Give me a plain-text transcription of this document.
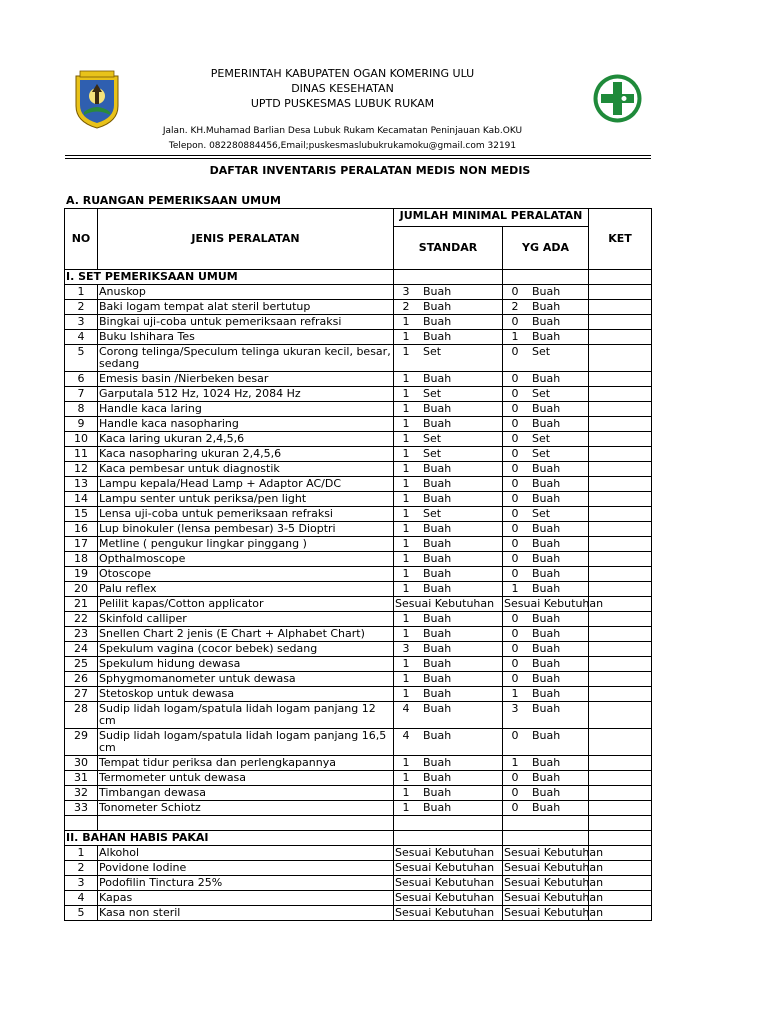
PEMERINTAH KABUPATEN OGAN KOMERING ULU
DINAS KESEHATAN
UPTD PUSKESMAS LUBUK RUKAM
Jalan. KH.Muhamad Barlian Desa Lubuk Rukam Kecamatan Peninjauan Kab.OKU
Telepon. 082280884456,Email;puskesmaslubukrukamoku@gmail.com 32191
DAFTAR INVENTARIS PERALATAN MEDIS NON MEDIS
A. RUANGAN PEMERIKSAAN UMUM
NO	JENIS PERALATAN	JUMLAH MINIMAL PERALATAN		KET
		STANDAR	YG ADA	
I. SET PEMERIKSAAN UMUM				
1	Anuskop	3 Buah	0 Buah	
2	Baki logam tempat alat steril bertutup	2 Buah	2 Buah	
3	Bingkai uji-coba untuk pemeriksaan refraksi	1 Buah	0 Buah	
4	Buku Ishihara Tes	1 Buah	1 Buah	
5	Corong telinga/Speculum telinga ukuran kecil, besar, sedang	1 Set	0 Set	
6	Emesis basin /Nierbeken besar	1 Buah	0 Buah	
7	Garputala 512 Hz, 1024 Hz, 2084 Hz	1 Set	0 Set	
8	Handle kaca laring	1 Buah	0 Buah	
9	Handle kaca nasopharing	1 Buah	0 Buah	
10	Kaca laring ukuran 2,4,5,6	1 Set	0 Set	
11	Kaca nasopharing ukuran 2,4,5,6	1 Set	0 Set	
12	Kaca pembesar untuk diagnostik	1 Buah	0 Buah	
13	Lampu kepala/Head Lamp + Adaptor AC/DC	1 Buah	0 Buah	
14	Lampu senter untuk periksa/pen light	1 Buah	0 Buah	
15	Lensa uji-coba untuk pemeriksaan refraksi	1 Set	0 Set	
16	Lup binokuler (lensa pembesar) 3-5 Dioptri	1 Buah	0 Buah	
17	Metline ( pengukur lingkar pinggang )	1 Buah	0 Buah	
18	Opthalmoscope	1 Buah	0 Buah	
19	Otoscope	1 Buah	0 Buah	
20	Palu reflex	1 Buah	1 Buah	
21	Pelilit kapas/Cotton applicator	Sesuai Kebutuhan	Sesuai Kebutuhan	
22	Skinfold calliper	1 Buah	0 Buah	
23	Snellen Chart 2 jenis (E Chart + Alphabet Chart)	1 Buah	0 Buah	
24	Spekulum vagina (cocor bebek) sedang	3 Buah	0 Buah	
25	Spekulum hidung dewasa	1 Buah	0 Buah	
26	Sphygmomanometer untuk dewasa	1 Buah	0 Buah	
27	Stetoskop untuk dewasa	1 Buah	1 Buah	
28	Sudip lidah logam/spatula lidah logam panjang 12 cm	4 Buah	3 Buah	
29	Sudip lidah logam/spatula lidah logam panjang 16,5 cm	4 Buah	0 Buah	
30	Tempat tidur periksa dan perlengkapannya	1 Buah	1 Buah	
31	Termometer untuk dewasa	1 Buah	0 Buah	
32	Timbangan dewasa	1 Buah	0 Buah	
33	Tonometer Schiotz	1 Buah	0 Buah	

II. BAHAN HABIS PAKAI				
1	Alkohol	Sesuai Kebutuhan	Sesuai Kebutuhan	
2	Povidone Iodine	Sesuai Kebutuhan	Sesuai Kebutuhan	
3	Podofilin Tinctura 25%	Sesuai Kebutuhan	Sesuai Kebutuhan	
4	Kapas	Sesuai Kebutuhan	Sesuai Kebutuhan	
5	Kasa non steril	Sesuai Kebutuhan	Sesuai Kebutuhan	
